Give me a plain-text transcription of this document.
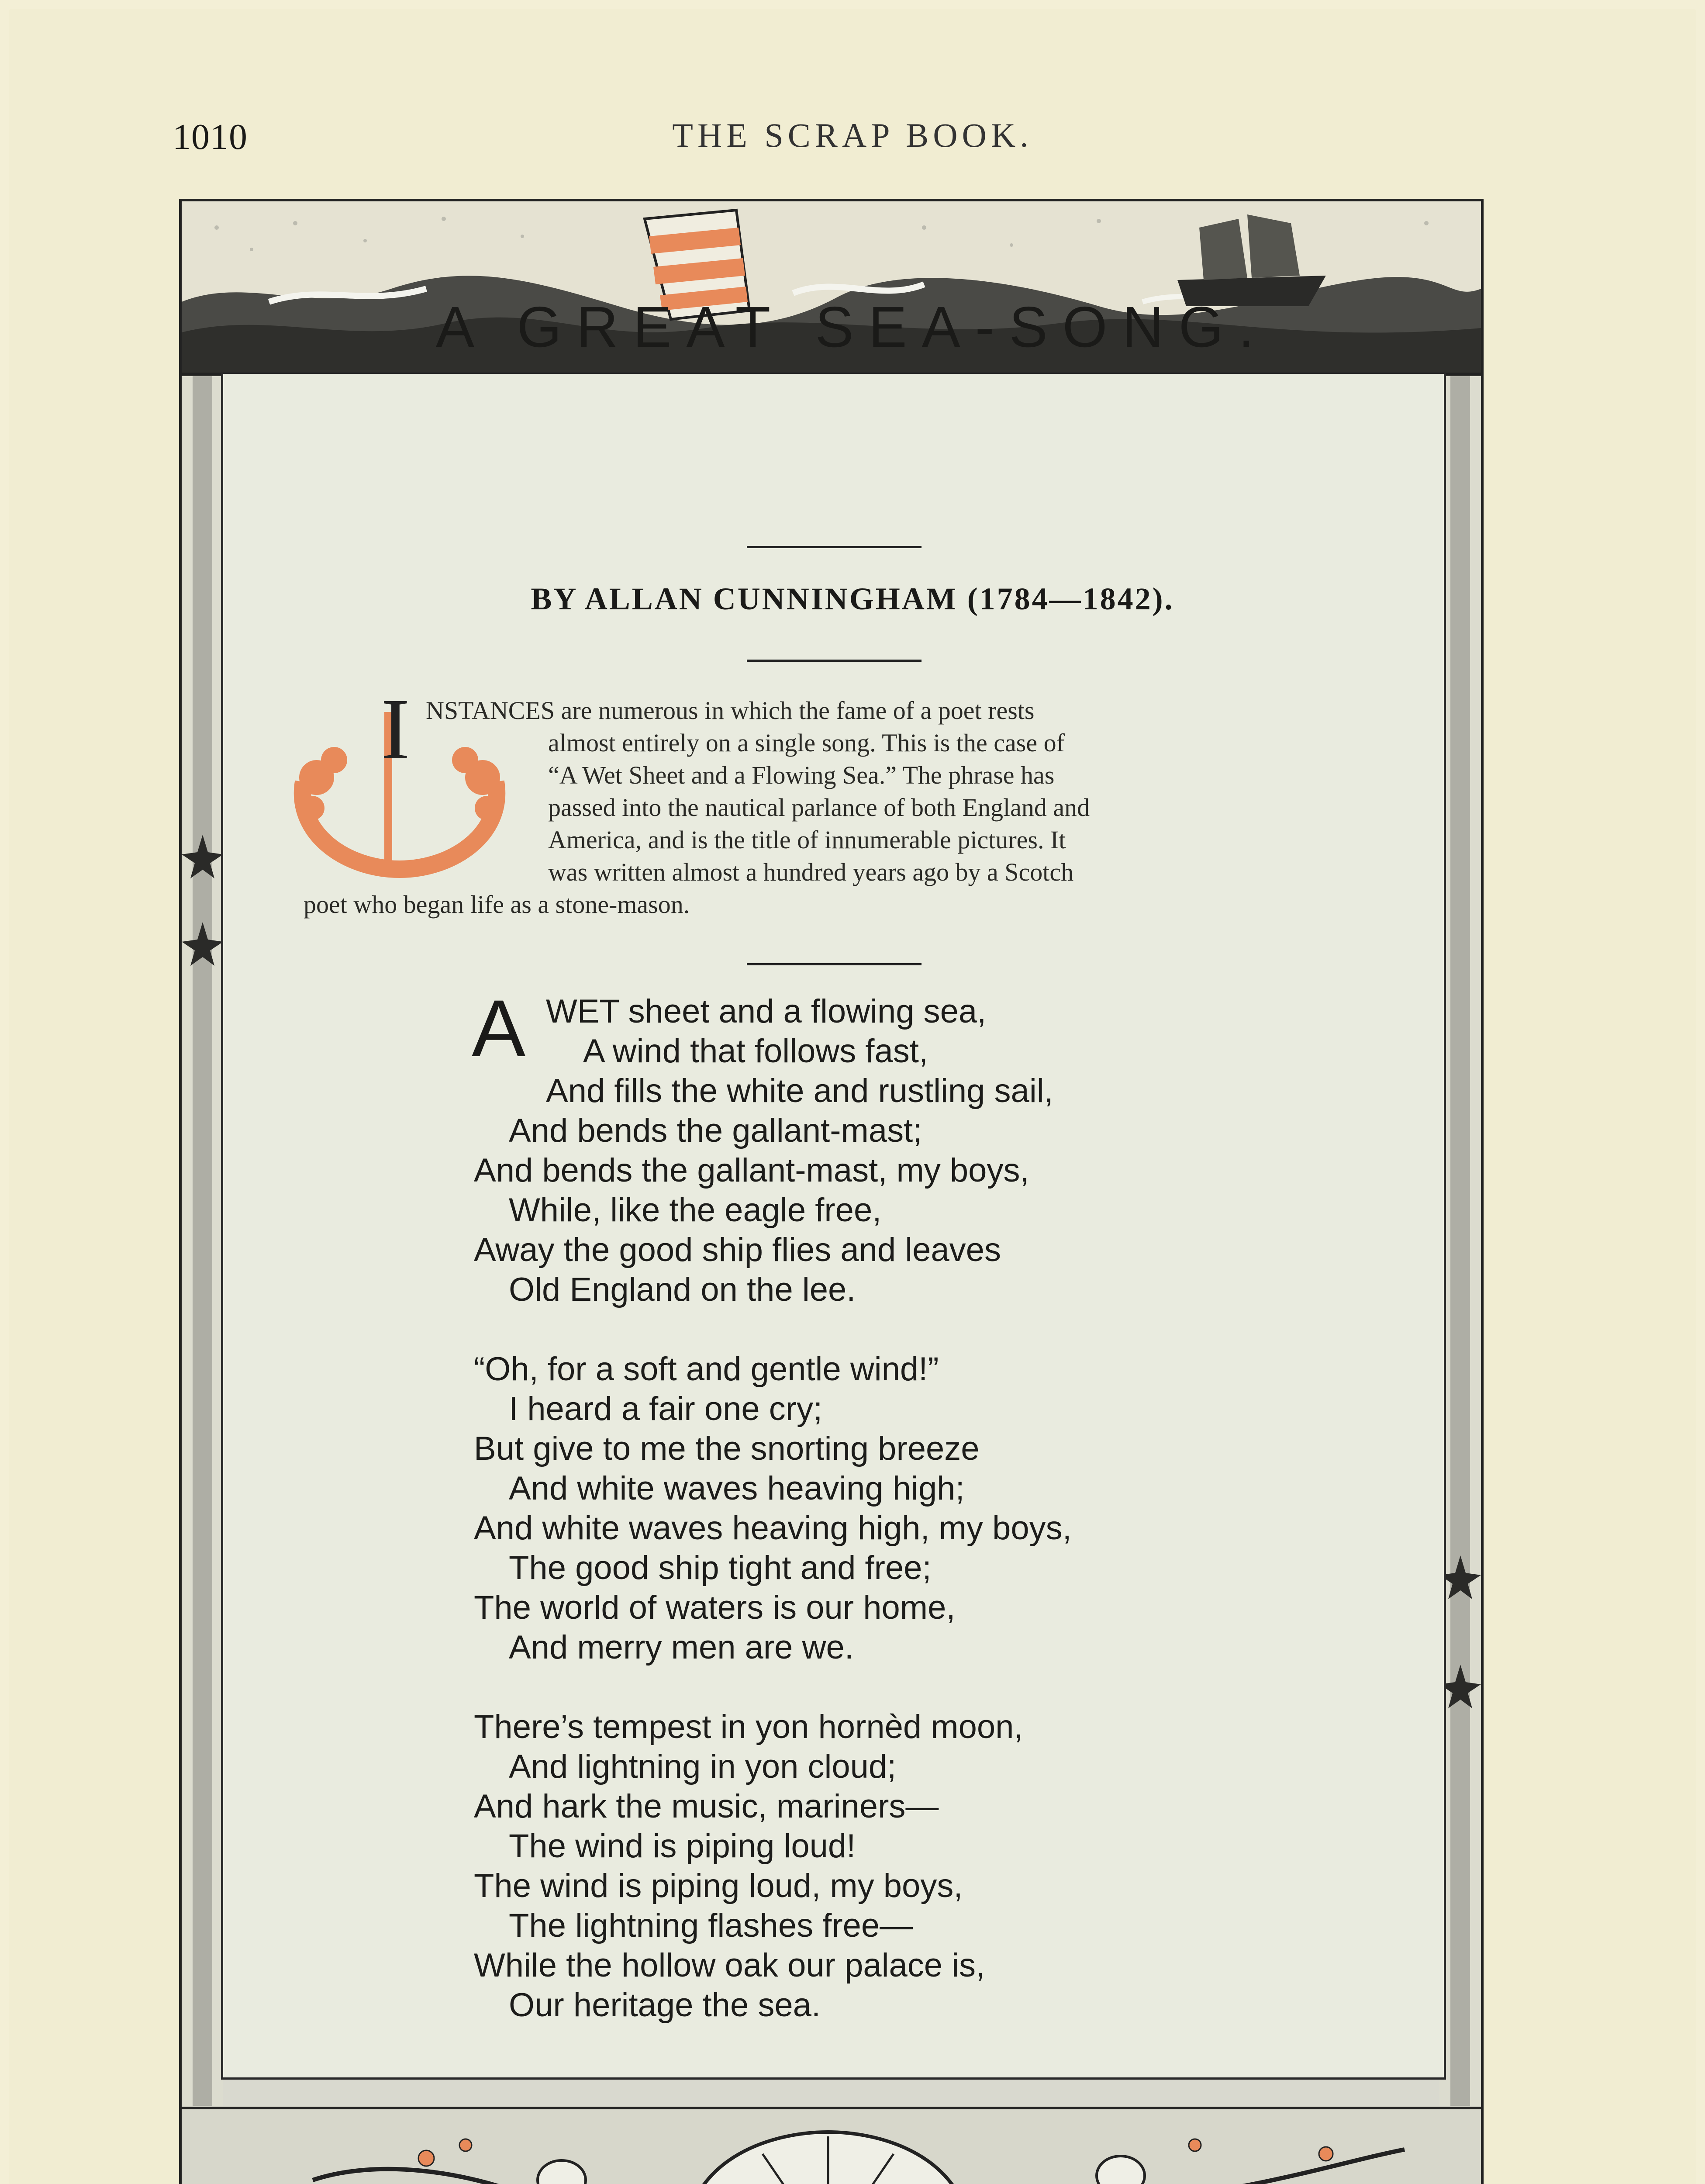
1010	THE SCRAP BOOK.
A GREAT SEA-SONG.
BY ALLAN CUNNINGHAM (1784—1842).
I NSTANCES are numerous in which the fame of a poet rests

almost entirely on a single song. This is the case of

“A Wet Sheet and a Flowing Sea.” The phrase has

passed into the nautical parlance of both England and

America, and is the title of innumerable pictures. It

was written almost a hundred years ago by a Scotch

poet who began life as a stone-mason.

A WET sheet and a flowing sea,
A wind that follows fast,
And fills the white and rustling sail,
And bends the gallant-mast;
And bends the gallant-mast, my boys,
While, like the eagle free,
Away the good ship flies and leaves
Old England on the lee.
“Oh, for a soft and gentle wind!”
I heard a fair one cry;
But give to me the snorting breeze
And white waves heaving high;
And white waves heaving high, my boys,
The good ship tight and free;
The world of waters is our home,
And merry men are we.
There’s tempest in yon hornèd moon,
And lightning in yon cloud;
And hark the music, mariners—
The wind is piping loud!
The wind is piping loud, my boys,
The lightning flashes free—
While the hollow oak our palace is,
Our heritage the sea.
